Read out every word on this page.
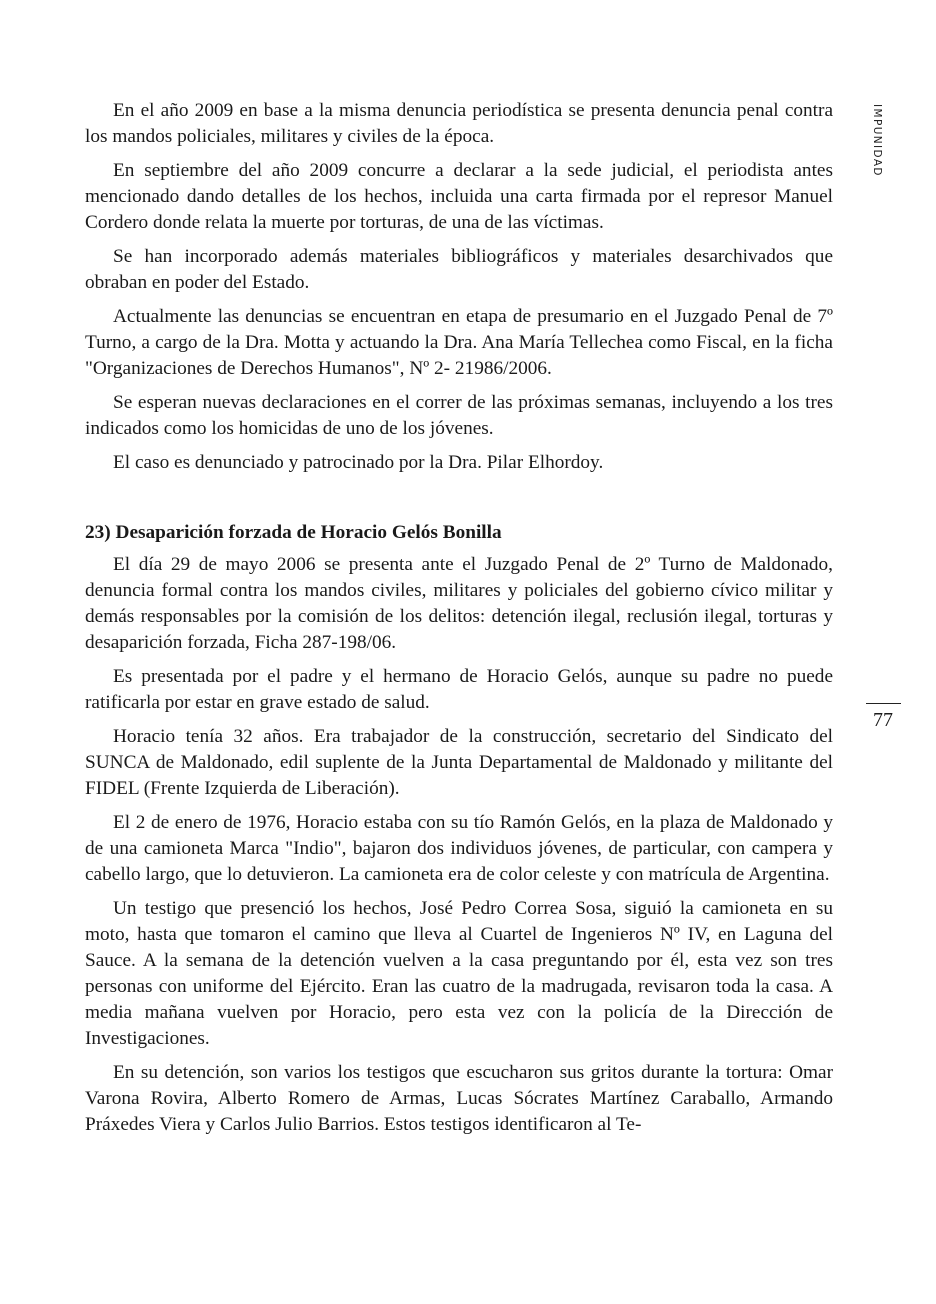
IMPUNIDAD
77

En el año 2009 en base a la misma denuncia periodística se presenta denuncia penal contra los mandos policiales, militares y civiles de la época.

En septiembre del año 2009 concurre a declarar a la sede judicial, el periodista antes mencionado dando detalles de los hechos, incluida una carta firmada por el represor Manuel Cordero donde relata la muerte por torturas, de una de las víctimas.

Se han incorporado además materiales bibliográficos y materiales desarchivados que obraban en poder del Estado.

Actualmente las denuncias se encuentran en etapa de presumario en el Juzgado Penal de 7º Turno, a cargo de la Dra. Motta y actuando la Dra. Ana María Tellechea como Fiscal, en la ficha "Organizaciones de Derechos Humanos", Nº 2- 21986/2006.

Se esperan nuevas declaraciones en el correr de las próximas semanas, incluyendo a los tres indicados como los homicidas de uno de los jóvenes.

El caso es denunciado y patrocinado por la Dra. Pilar Elhordoy.

23) Desaparición forzada de Horacio Gelós Bonilla

El día 29 de mayo 2006 se presenta ante el Juzgado Penal de 2º Turno de Maldonado, denuncia formal contra los mandos civiles, militares y policiales del gobierno cívico militar y demás responsables por la comisión de los delitos: detención ilegal, reclusión ilegal, torturas y desaparición forzada, Ficha 287-198/06.

Es presentada por el padre y el hermano de Horacio Gelós, aunque su padre no puede ratificarla por estar en grave estado de salud.

Horacio tenía 32 años. Era trabajador de la construcción, secretario del Sindicato del SUNCA de Maldonado, edil suplente de la Junta Departamental de Maldonado y militante del FIDEL (Frente Izquierda de Liberación).

El 2 de enero de 1976, Horacio estaba con su tío Ramón Gelós, en la plaza de Maldonado y de una camioneta Marca "Indio", bajaron dos individuos jóvenes, de particular, con campera y cabello largo, que lo detuvieron. La camioneta era de color celeste y con matrícula de Argentina.

Un testigo que presenció los hechos, José Pedro Correa Sosa, siguió la camioneta en su moto, hasta que tomaron el camino que lleva al Cuartel de Ingenieros Nº IV, en Laguna del Sauce. A la semana de la detención vuelven a la casa preguntando por él, esta vez son tres personas con uniforme del Ejército. Eran las cuatro de la madrugada, revisaron toda la casa. A media mañana vuelven por Horacio, pero esta vez con la policía de la Dirección de Investigaciones.

En su detención, son varios los testigos que escucharon sus gritos durante la tortura: Omar Varona Rovira, Alberto Romero de Armas, Lucas Sócrates Martínez Caraballo, Armando Práxedes Viera y Carlos Julio Barrios. Estos testigos identificaron al Te-
